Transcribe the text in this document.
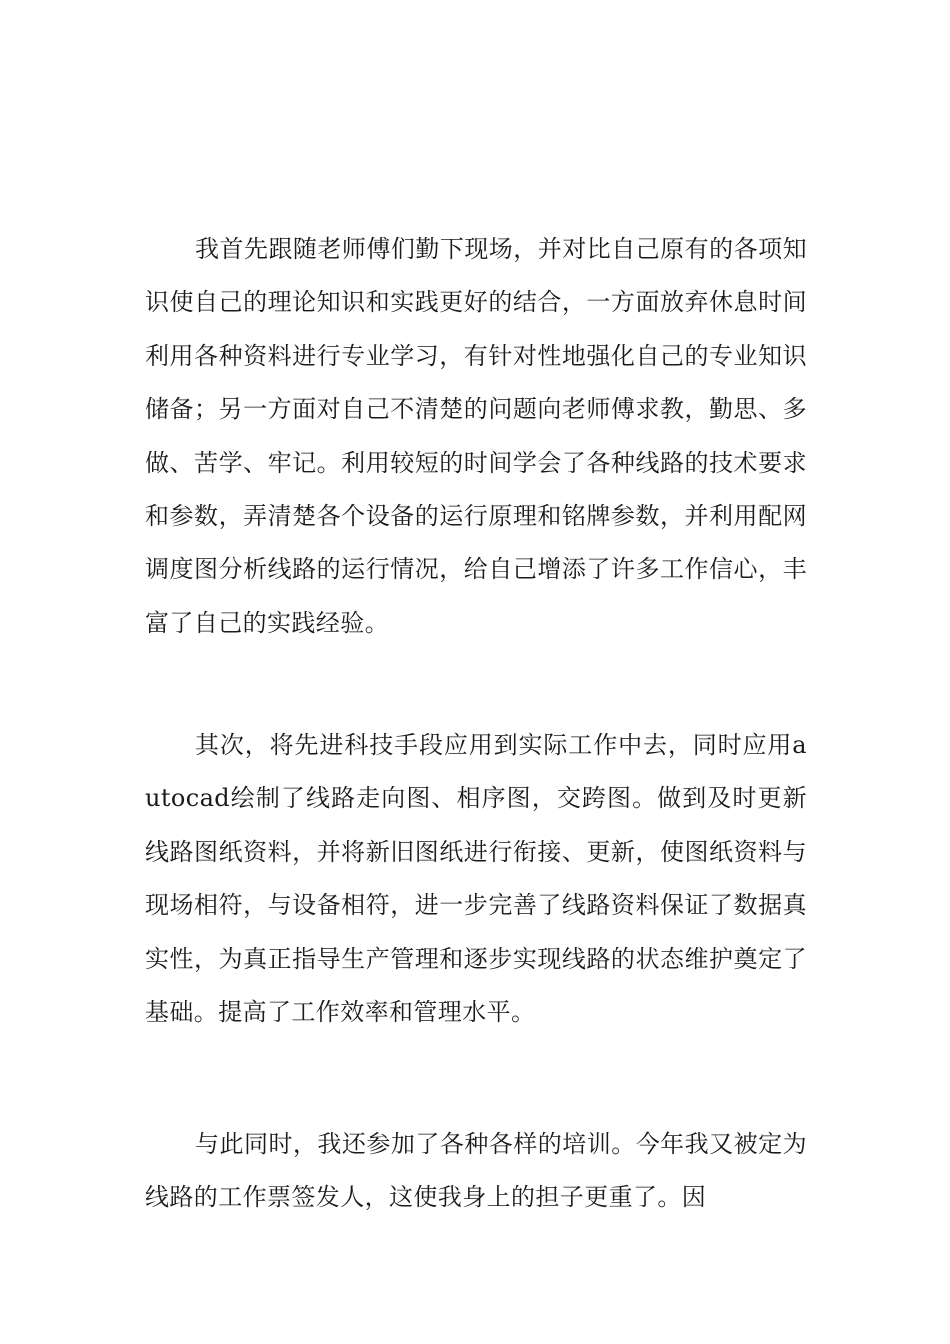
我首先跟随老师傅们勤下现场，并对比自己原有的各项知识使自己的理论知识和实践更好的结合，一方面放弃休息时间利用各种资料进行专业学习，有针对性地强化自己的专业知识储备；另一方面对自己不清楚的问题向老师傅求教，勤思、多做、苦学、牢记。利用较短的时间学会了各种线路的技术要求和参数，弄清楚各个设备的运行原理和铭牌参数，并利用配网调度图分析线路的运行情况，给自己增添了许多工作信心，丰富了自己的实践经验。

其次，将先进科技手段应用到实际工作中去，同时应用autocad绘制了线路走向图、相序图，交跨图。做到及时更新线路图纸资料，并将新旧图纸进行衔接、更新，使图纸资料与现场相符，与设备相符，进一步完善了线路资料保证了数据真实性，为真正指导生产管理和逐步实现线路的状态维护奠定了基础。提高了工作效率和管理水平。

与此同时，我还参加了各种各样的培训。今年我又被定为线路的工作票签发人，这使我身上的担子更重了。因
